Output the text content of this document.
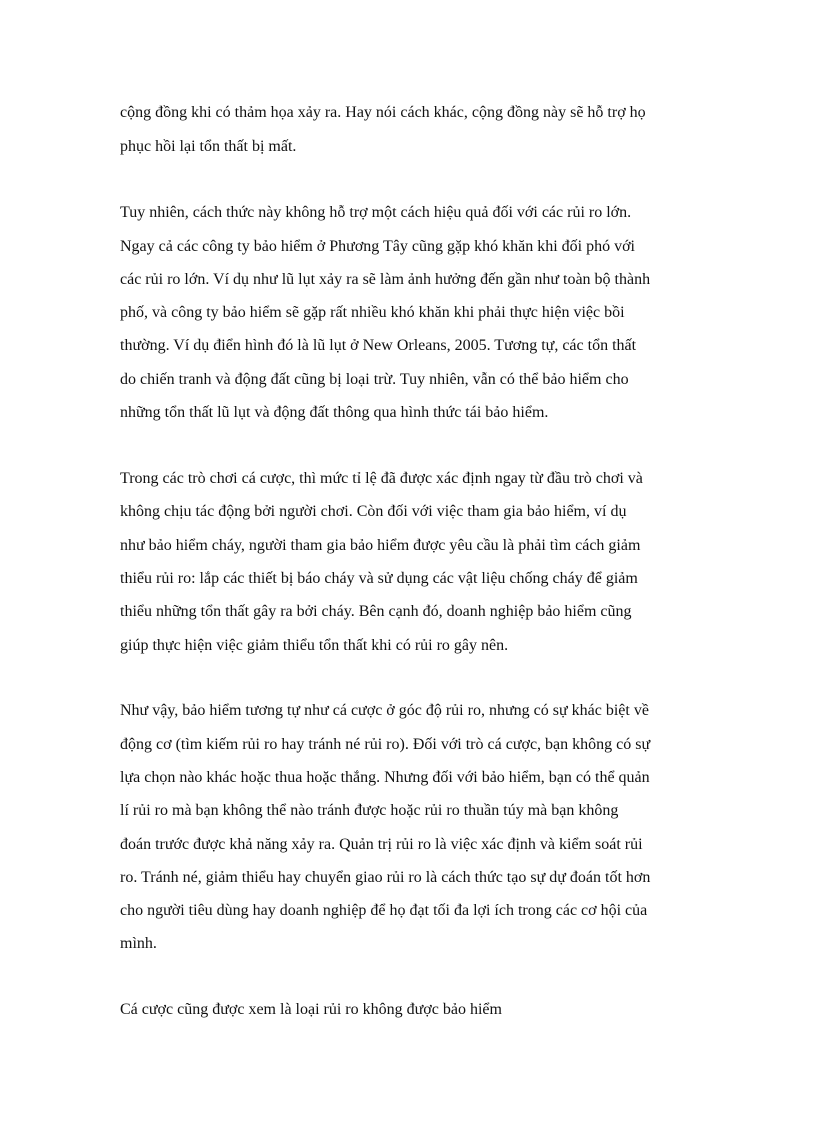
cộng đồng khi có thảm họa xảy ra. Hay nói cách khác, cộng đồng này sẽ hỗ trợ họ

phục hồi lại tổn thất bị mất.

Tuy nhiên, cách thức này không hỗ trợ một cách hiệu quả đối với các rủi ro lớn.

Ngay cả các công ty bảo hiểm ở Phương Tây cũng gặp khó khăn khi đối phó với

các rủi ro lớn. Ví dụ như lũ lụt xảy ra sẽ làm ảnh hưởng đến gần như toàn bộ thành

phố, và công ty bảo hiểm sẽ gặp rất nhiều khó khăn khi phải thực hiện việc bồi

thường. Ví dụ điển hình đó là lũ lụt ở New Orleans, 2005. Tương tự, các tổn thất

do chiến tranh và động đất cũng bị loại trừ. Tuy nhiên, vẫn có thể bảo hiểm cho

những tổn thất lũ lụt và động đất thông qua hình thức tái bảo hiểm.

Trong các trò chơi cá cược, thì mức tỉ lệ đã được xác định ngay từ đầu trò chơi và

không chịu tác động bởi người chơi. Còn đối với việc tham gia bảo hiểm, ví dụ

như bảo hiểm cháy, người tham gia bảo hiểm được yêu cầu là phải tìm cách giảm

thiểu rủi ro: lắp các thiết bị báo cháy và sử dụng các vật liệu chống cháy để giảm

thiểu những tổn thất gây ra bởi cháy. Bên cạnh đó, doanh nghiệp bảo hiểm cũng

giúp thực hiện việc giảm thiểu tổn thất khi có rủi ro gây nên.

Như vậy, bảo hiểm tương tự như cá cược ở góc độ rủi ro, nhưng có sự khác biệt về

động cơ (tìm kiếm rủi ro hay tránh né rủi ro). Đối với trò cá cược, bạn không có sự

lựa chọn nào khác hoặc thua hoặc thắng. Nhưng đối với bảo hiểm, bạn có thể quản

lí rủi ro mà bạn không thể nào tránh được hoặc rủi ro thuần túy mà bạn không

đoán trước được khả năng xảy ra. Quản trị rủi ro là việc xác định và kiểm soát rủi

ro. Tránh né, giảm thiểu hay chuyển giao rủi ro là cách thức tạo sự dự đoán tốt hơn

cho người tiêu dùng hay doanh nghiệp để họ đạt tối đa lợi ích trong các cơ hội của

mình.

Cá cược cũng được xem là loại rủi ro không được bảo hiểm
